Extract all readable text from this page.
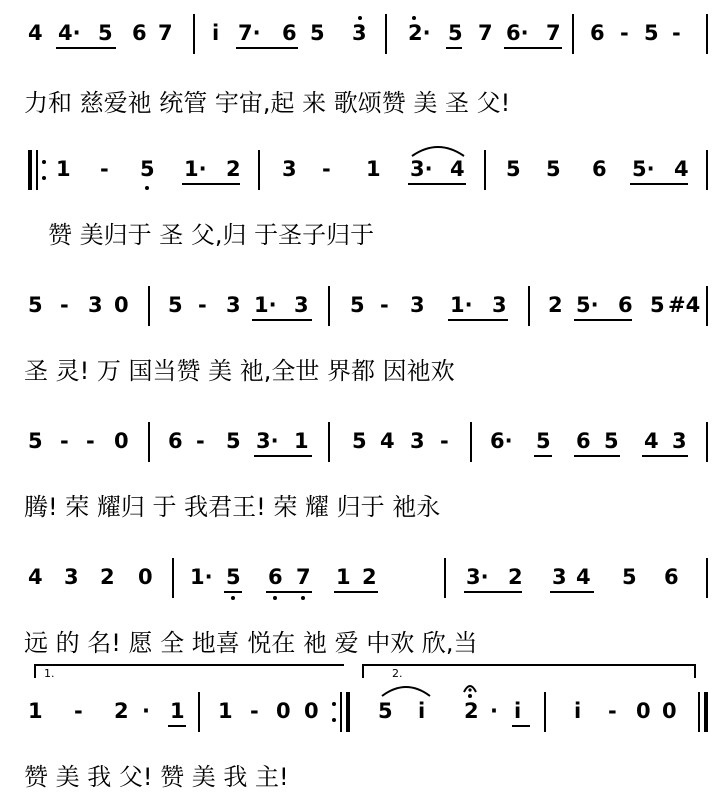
4 4· 5 6 7 i 7· 6 5 3 2· 5 7 6· 7 6 - 5 -
力和 慈爱祂 统管 宇宙,起 来 歌颂赞 美 圣 父!
1 - 5 1· 2 3 - 1 3· 4 5 5 6 5· 4
赞 美归于 圣 父,归 于圣子归于
5 - 3 0 5 - 3 1· 3 5 - 3 1· 3 2 5· 6 5 #4
圣 灵! 万 国当赞 美 祂,全世 界都 因祂欢
5 - - 0 6 - 5 3· 1 5 4 3 - 6· 5 6 5 4 3
腾! 荣 耀归 于 我君王! 荣 耀 归于 祂永
4 3 2 0 1· 5 6 7 1 2	3· 2 3 4 5 6
远 的 名! 愿 全 地喜 悦在 祂 爱 中欢 欣,当
1.	2.
1 - 2 · 1 1 - 0 0	5 i 2 · i	i - 0 0
赞 美 我 父! 赞 美 我 主!
